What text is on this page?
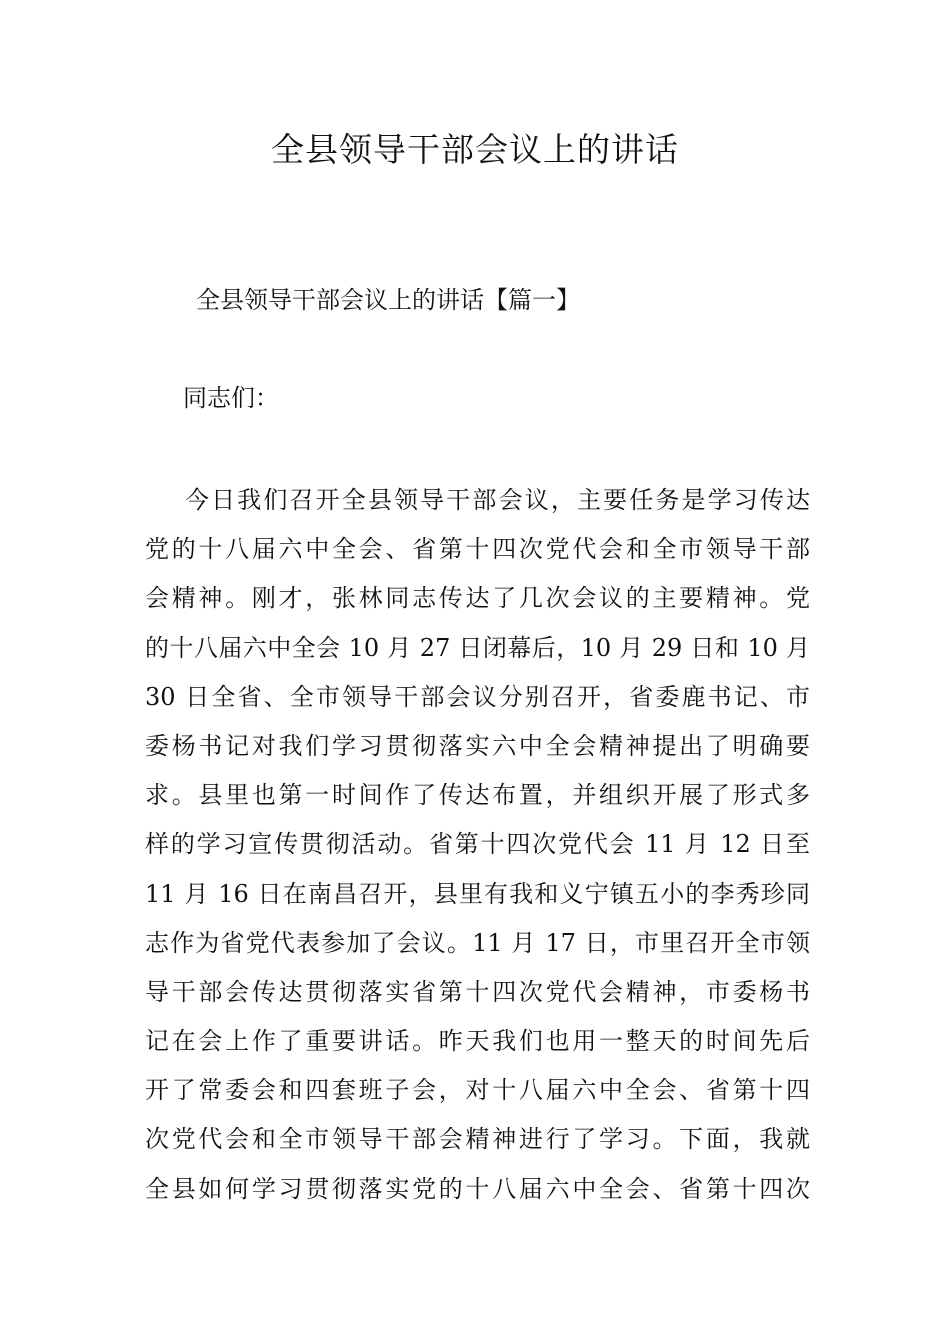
全县领导干部会议上的讲话

全县领导干部会议上的讲话【篇一】

同志们：

今日我们召开全县领导干部会议，主要任务是学习传达
党的十八届六中全会、省第十四次党代会和全市领导干部
会精神。刚才，张林同志传达了几次会议的主要精神。党
的十八届六中全会 10 月 27 日闭幕后，10 月 29 日和 10 月
30 日全省、全市领导干部会议分别召开，省委鹿书记、市
委杨书记对我们学习贯彻落实六中全会精神提出了明确要
求。县里也第一时间作了传达布置，并组织开展了形式多
样的学习宣传贯彻活动。省第十四次党代会 11 月 12 日至
11 月 16 日在南昌召开，县里有我和义宁镇五小的李秀珍同
志作为省党代表参加了会议。11 月 17 日，市里召开全市领
导干部会传达贯彻落实省第十四次党代会精神，市委杨书
记在会上作了重要讲话。昨天我们也用一整天的时间先后
开了常委会和四套班子会，对十八届六中全会、省第十四
次党代会和全市领导干部会精神进行了学习。下面，我就
全县如何学习贯彻落实党的十八届六中全会、省第十四次
